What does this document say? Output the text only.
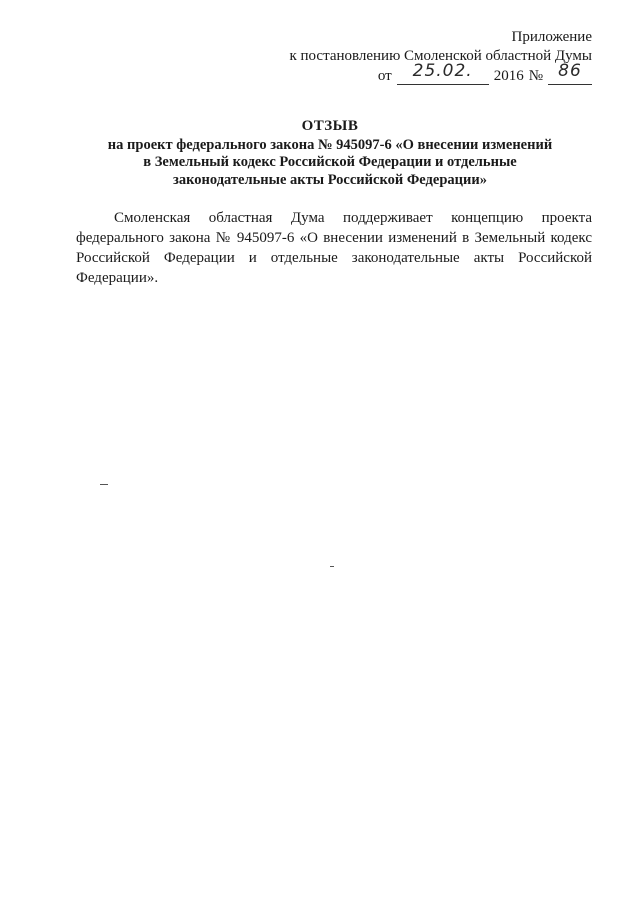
Приложение
к постановлению Смоленской областной Думы
от	25.02.	2016 № 86
ОТЗЫВ
на проект федерального закона № 945097-6 «О внесении изменений
в Земельный кодекс Российской Федерации и отдельные
законодательные акты Российской Федерации»

Смоленская областная Дума поддерживает концепцию проекта федерального закона № 945097-6 «О внесении изменений в Земельный кодекс Российской Федерации и отдельные законодательные акты Российской Федерации».
